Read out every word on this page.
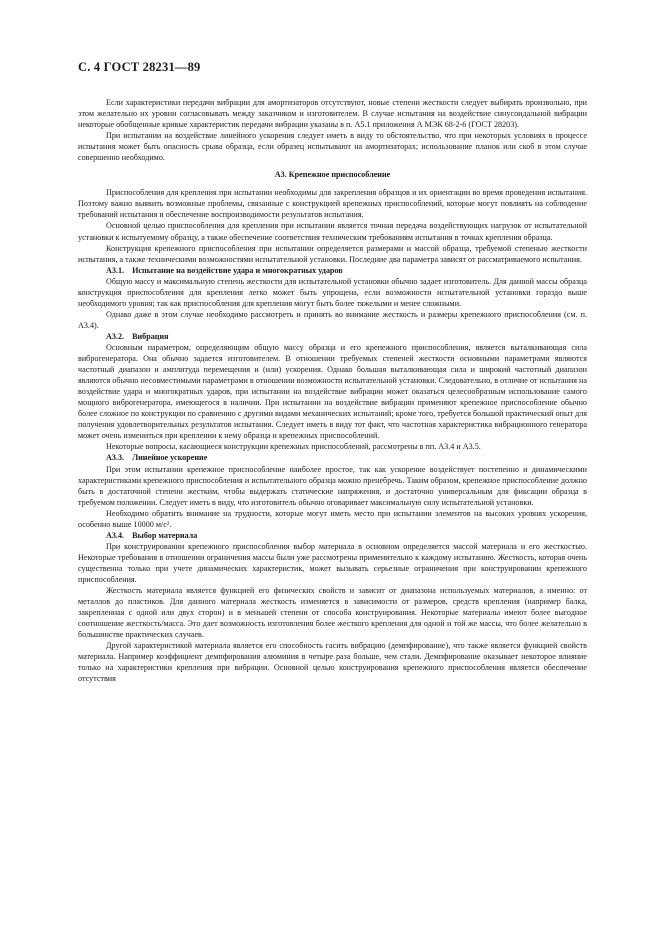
С. 4 ГОСТ 28231—89

Если характеристики передачи вибрации для амортизаторов отсутствуют, новые степени жесткости следует выбирать произвольно, при этом желательно их уровни согласовывать между заказчиком и изготовителем. В случае испытания на воздействие синусоидальной вибрации некоторые обобщенные кривые характеристик передачи вибрации указаны в п. А5.1 приложения А МЭК 68-2-6 (ГОСТ 28203).

При испытании на воздействие линейного ускорения следует иметь в виду то обстоятельство, что при некоторых условиях в процессе испытания может быть опасность срыва образца, если образец испытывают на амортизаторах; использование планок или скоб в этом случае совершенно необходимо.

А3. Крепежное приспособление

Приспособления для крепления при испытании необходимы для закрепления образцов и их ориентации во время проведения испытания. Поэтому важно выявить возможные проблемы, связанные с конструкцией крепежных приспособлений, которые могут повлиять на соблюдение требований испытания и обеспечение воспроизводимости результатов испытания.

Основной целью приспособления для крепления при испытании является точная передача воздействующих нагрузок от испытательной установки к испытуемому образцу, а также обеспечение соответствия техническим требованиям испытания в точках крепления образца.

Конструкция крепежного приспособления при испытании определяется размерами и массой образца, требуемой степенью жесткости испытания, а также техническими возможностями испытательной установки. Последние два параметра зависят от рассматриваемого испытания.

А3.1. Испытание на воздействие удара и многократных ударов

Общую массу и максимальную степень жесткости для испытательной установки обычно задает изготовитель. Для данной массы образца конструкция приспособления для крепления легко может быть упрощена, если возможности испытательной установки гораздо выше необходимого уровня; так как приспособления для крепления могут быть более тяжелыми и менее сложными.

Однако даже в этом случае необходимо рассмотреть и принять во внимание жесткость и размеры крепежного приспособления (см. п. А3.4).

А3.2. Вибрация

Основным параметром, определяющим общую массу образца и его крепежного приспособления, является выталкивающая сила виброгенератора. Она обычно задается изготовителем. В отношении требуемых степеней жесткости основными параметрами являются частотный диапазон и амплитуда перемещения и (или) ускорения. Однако большая выталкивающая сила и широкий частотный диапазон являются обычно несовместимыми параметрами в отношении возможности испытательной установки. Следовательно, в отличие от испытания на воздействие удара и многократных ударов, при испытании на воздействие вибрации может оказаться целесообразным использование самого мощного виброгенератора, имеющегося в наличии. При испытании на воздействие вибрации применяют крепежное приспособление обычно более сложное по конструкции по сравнению с другими видами механических испытаний; кроме того, требуется большой практический опыт для получения удовлетворительных результатов испытания. Следует иметь в виду тот факт, что частотная характеристика вибрационного генератора может очень измениться при креплении к нему образца и крепежных приспособлений.

Некоторые вопросы, касающиеся конструкции крепежных приспособлений, рассмотрены в пп. А3.4 и А3.5.

А3.3. Линейное ускорение

При этом испытании крепежное приспособление наиболее простое, так как ускорение воздействует постепенно и динамическими характеристиками крепежного приспособления и испытательного образца можно пренебречь. Таким образом, крепежное приспособление должно быть в достаточной степени жестким, чтобы выдержать статические напряжения, и достаточно универсальным для фиксации образца в требуемом положении. Следует иметь в виду, что изготовитель обычно оговаривает максимальную силу испытательной установки.

Необходимо обратить внимание на трудности, которые могут иметь место при испытании элементов на высоких уровнях ускорения, особенно выше 10000 м/с².

А3.4. Выбор материала

При конструировании крепежного приспособления выбор материала в основном определяется массой материала и его жесткостью. Некоторые требования в отношении ограничения массы были уже рассмотрены применительно к каждому испытанию. Жесткость, которая очень существенна только при учете динамических характеристик, может вызывать серьезные ограничения при конструировании крепежного приспособления.

Жесткость материала является функцией его физических свойств и зависит от диапазона используемых материалов, а именно: от металлов до пластиков. Для данного материала жесткость изменяется в зависимости от размеров, средств крепления (например балка, закрепленная с одной или двух сторон) и в меньшей степени от способа конструирования. Некоторые материалы имеют более выгодное соотношение жесткость/масса. Это дает возможность изготовления более жесткого крепления для одной и той же массы, что более желательно в большинстве практических случаев.

Другой характеристикой материала является его способность гасить вибрацию (демпфирование), что также является функцией свойств материала. Например коэффициент демпфирования алюминия в четыре раза больше, чем стали. Демпфирование оказывает некоторое влияние только на характеристики крепления при вибрации. Основной целью конструирования крепежного приспособления является обеспечение отсутствия
